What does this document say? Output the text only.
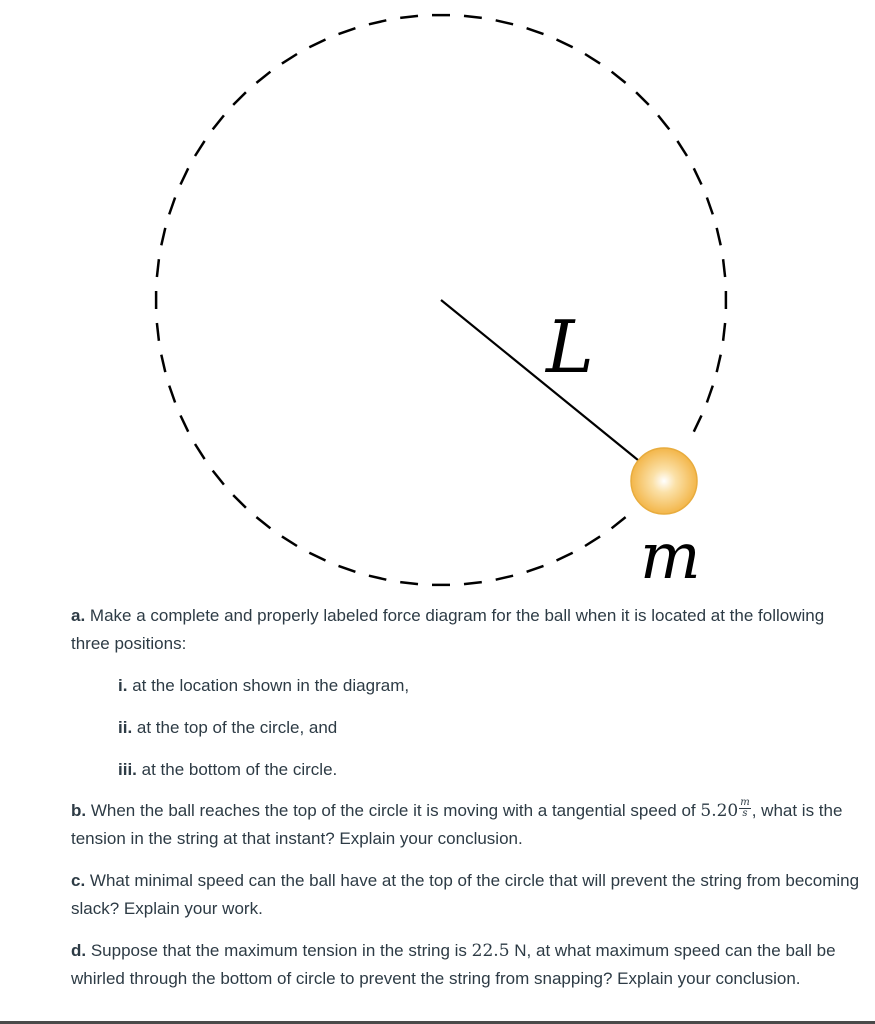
L
m

a. Make a complete and properly labeled force diagram for the ball when it is located at the following three positions:

i. at the location shown in the diagram,

ii. at the top of the circle, and

iii. at the bottom of the circle.

b. When the ball reaches the top of the circle it is moving with a tangential speed of $5.20 \frac{m}{s}$ , what is the tension in the string at that instant? Explain your conclusion.

c. What minimal speed can the ball have at the top of the circle that will prevent the string from becoming slack? Explain your work.

d. Suppose that the maximum tension in the string is 22.5 N, at what maximum speed can the ball be whirled through the bottom of circle to prevent the string from snapping? Explain your conclusion.
